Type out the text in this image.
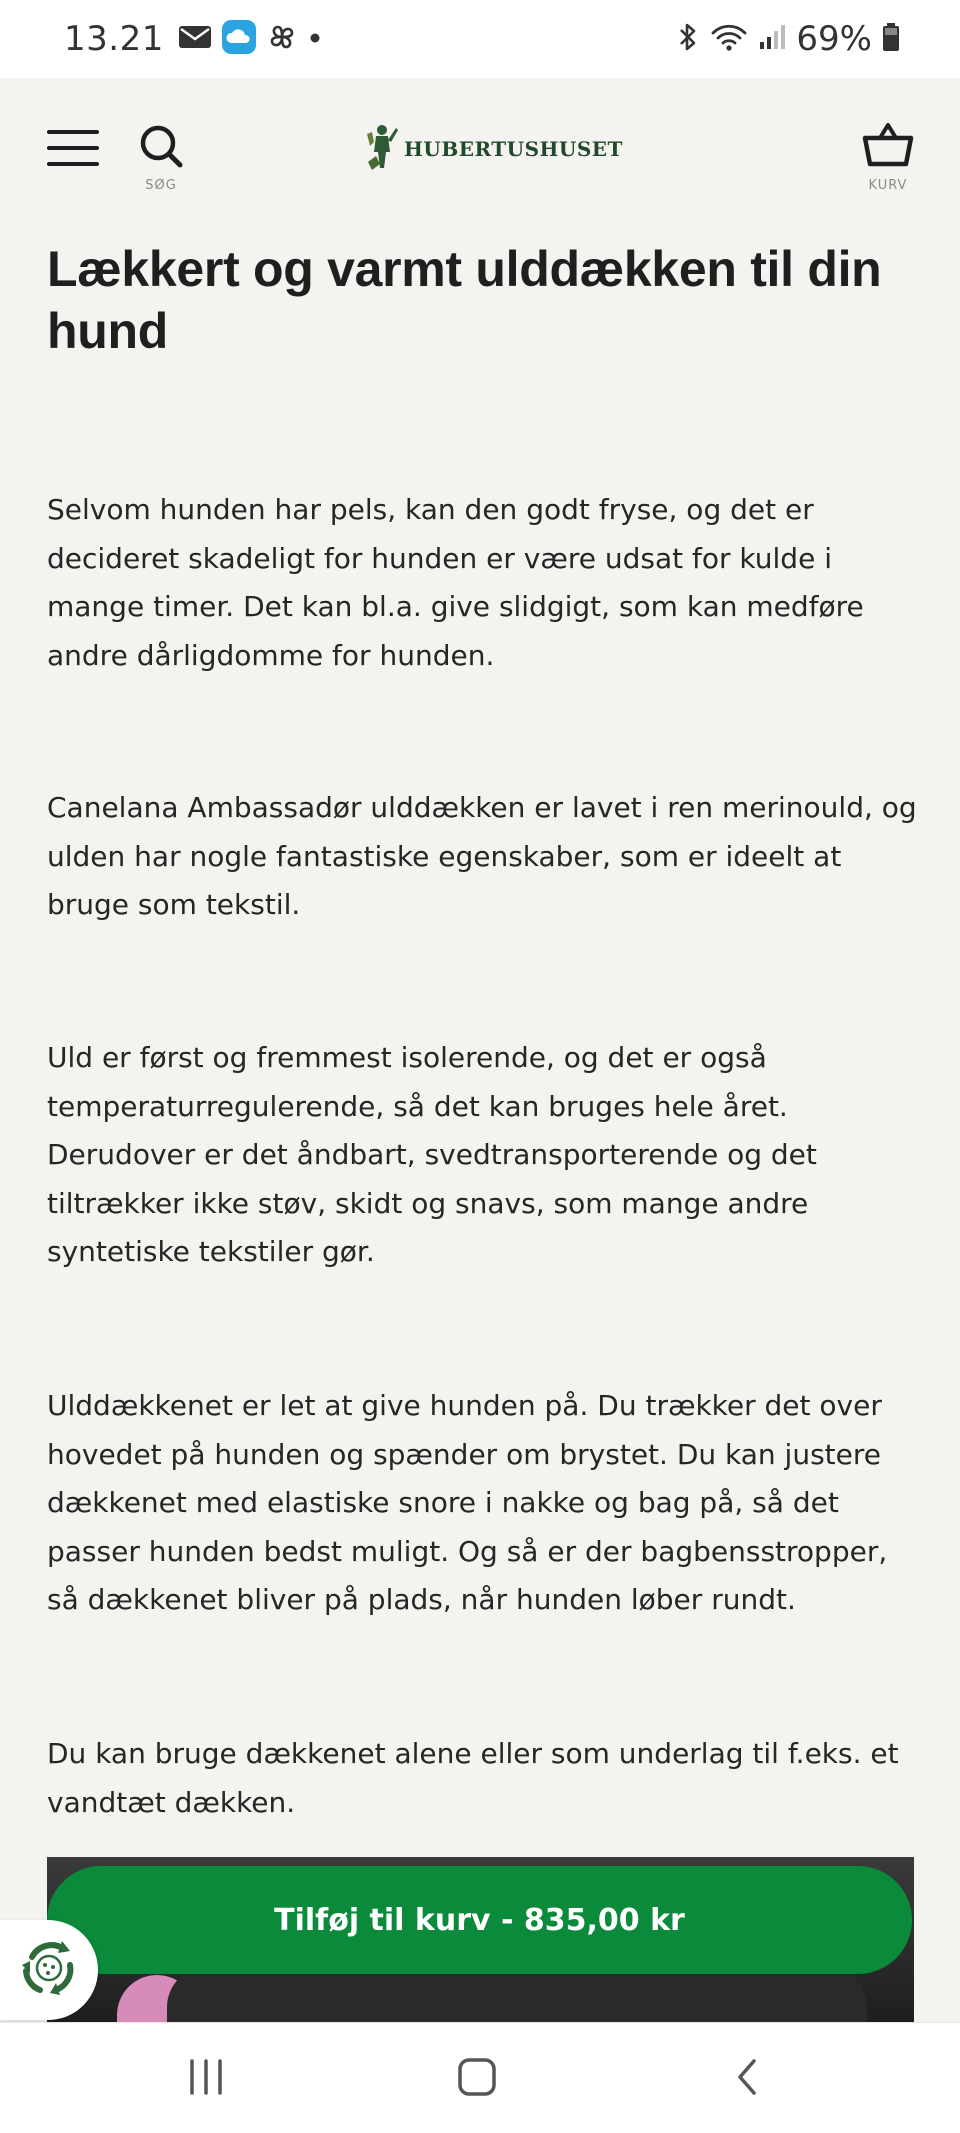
13.21	69%
SØG
HUBERTUSHUSET
KURV
Lækkert og varmt ulddækken til din hund

Selvom hunden har pels, kan den godt fryse, og det er decideret skadeligt for hunden er være udsat for kulde i mange timer. Det kan bl.a. give slidgigt, som kan medføre andre dårligdomme for hunden.

Canelana Ambassadør ulddækken er lavet i ren merinould, og ulden har nogle fantastiske egenskaber, som er ideelt at bruge som tekstil.

Uld er først og fremmest isolerende, og det er også temperaturregulerende, så det kan bruges hele året. Derudover er det åndbart, svedtransporterende og det tiltrækker ikke støv, skidt og snavs, som mange andre syntetiske tekstiler gør.

Ulddækkenet er let at give hunden på. Du trækker det over hovedet på hunden og spænder om brystet. Du kan justere dækkenet med elastiske snore i nakke og bag på, så det passer hunden bedst muligt. Og så er der bagbensstropper, så dækkenet bliver på plads, når hunden løber rundt.

Du kan bruge dækkenet alene eller som underlag til f.eks. et vandtæt dækken.

Tilføj til kurv - 835,00 kr
